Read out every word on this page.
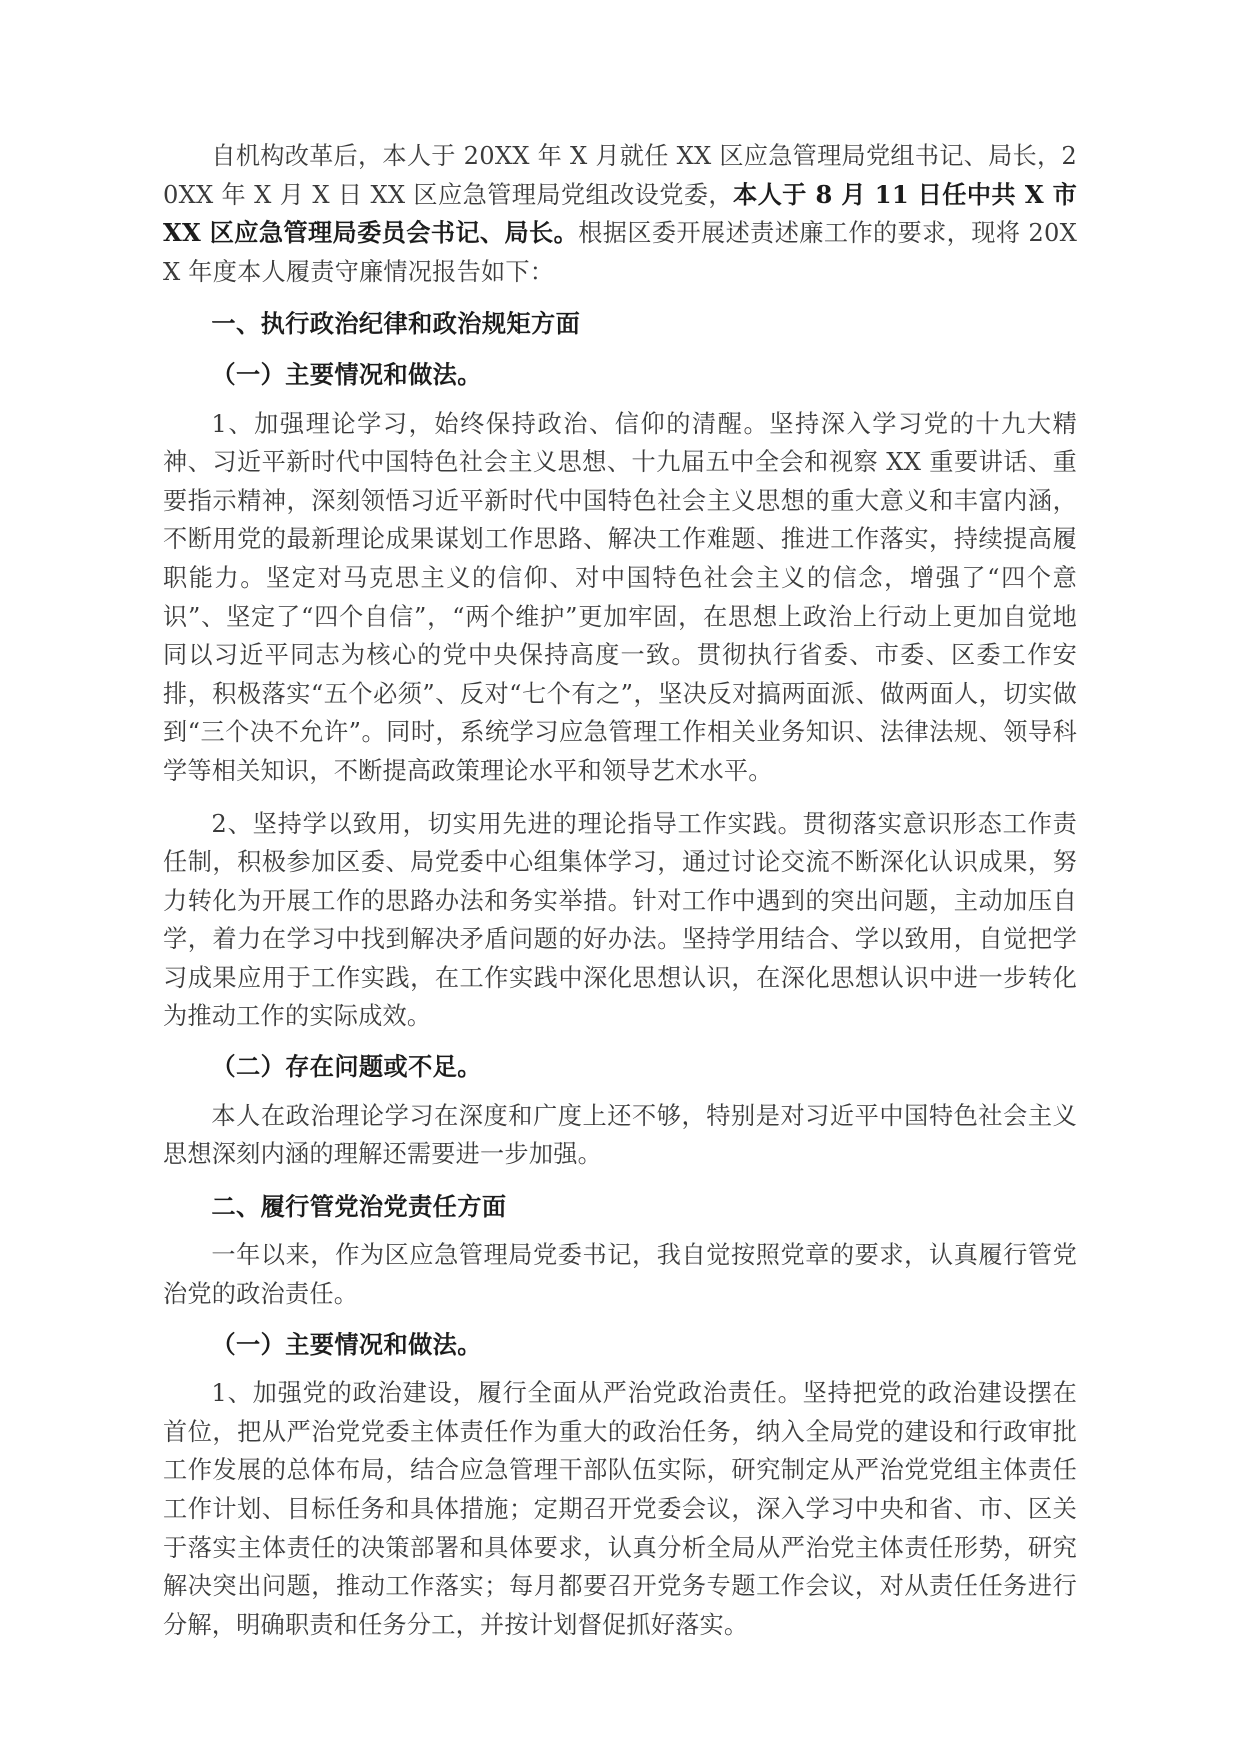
自机构改革后，本人于 20XX 年 X 月就任 XX 区应急管理局党组书记、局长，20XX 年 X 月 X 日 XX 区应急管理局党组改设党委，本人于 8 月 11 日任中共 X 市 XX 区应急管理局委员会书记、局长。根据区委开展述责述廉工作的要求，现将 20XX 年度本人履责守廉情况报告如下：

一、执行政治纪律和政治规矩方面
（一）主要情况和做法。

1、加强理论学习，始终保持政治、信仰的清醒。坚持深入学习党的十九大精神、习近平新时代中国特色社会主义思想、十九届五中全会和视察 XX 重要讲话、重要指示精神，深刻领悟习近平新时代中国特色社会主义思想的重大意义和丰富内涵，不断用党的最新理论成果谋划工作思路、解决工作难题、推进工作落实，持续提高履职能力。坚定对马克思主义的信仰、对中国特色社会主义的信念，增强了“四个意识”、坚定了“四个自信”，“两个维护”更加牢固，在思想上政治上行动上更加自觉地同以习近平同志为核心的党中央保持高度一致。贯彻执行省委、市委、区委工作安排，积极落实“五个必须”、反对“七个有之”，坚决反对搞两面派、做两面人，切实做到“三个决不允许”。同时，系统学习应急管理工作相关业务知识、法律法规、领导科学等相关知识，不断提高政策理论水平和领导艺术水平。

2、坚持学以致用，切实用先进的理论指导工作实践。贯彻落实意识形态工作责任制，积极参加区委、局党委中心组集体学习，通过讨论交流不断深化认识成果，努力转化为开展工作的思路办法和务实举措。针对工作中遇到的突出问题，主动加压自学，着力在学习中找到解决矛盾问题的好办法。坚持学用结合、学以致用，自觉把学习成果应用于工作实践，在工作实践中深化思想认识，在深化思想认识中进一步转化为推动工作的实际成效。

（二）存在问题或不足。

本人在政治理论学习在深度和广度上还不够，特别是对习近平中国特色社会主义思想深刻内涵的理解还需要进一步加强。

二、履行管党治党责任方面

一年以来，作为区应急管理局党委书记，我自觉按照党章的要求，认真履行管党治党的政治责任。

（一）主要情况和做法。

1、加强党的政治建设，履行全面从严治党政治责任。坚持把党的政治建设摆在首位，把从严治党党委主体责任作为重大的政治任务，纳入全局党的建设和行政审批工作发展的总体布局，结合应急管理干部队伍实际，研究制定从严治党党组主体责任工作计划、目标任务和具体措施；定期召开党委会议，深入学习中央和省、市、区关于落实主体责任的决策部署和具体要求，认真分析全局从严治党主体责任形势，研究解决突出问题，推动工作落实；每月都要召开党务专题工作会议，对从责任任务进行分解，明确职责和任务分工，并按计划督促抓好落实。
